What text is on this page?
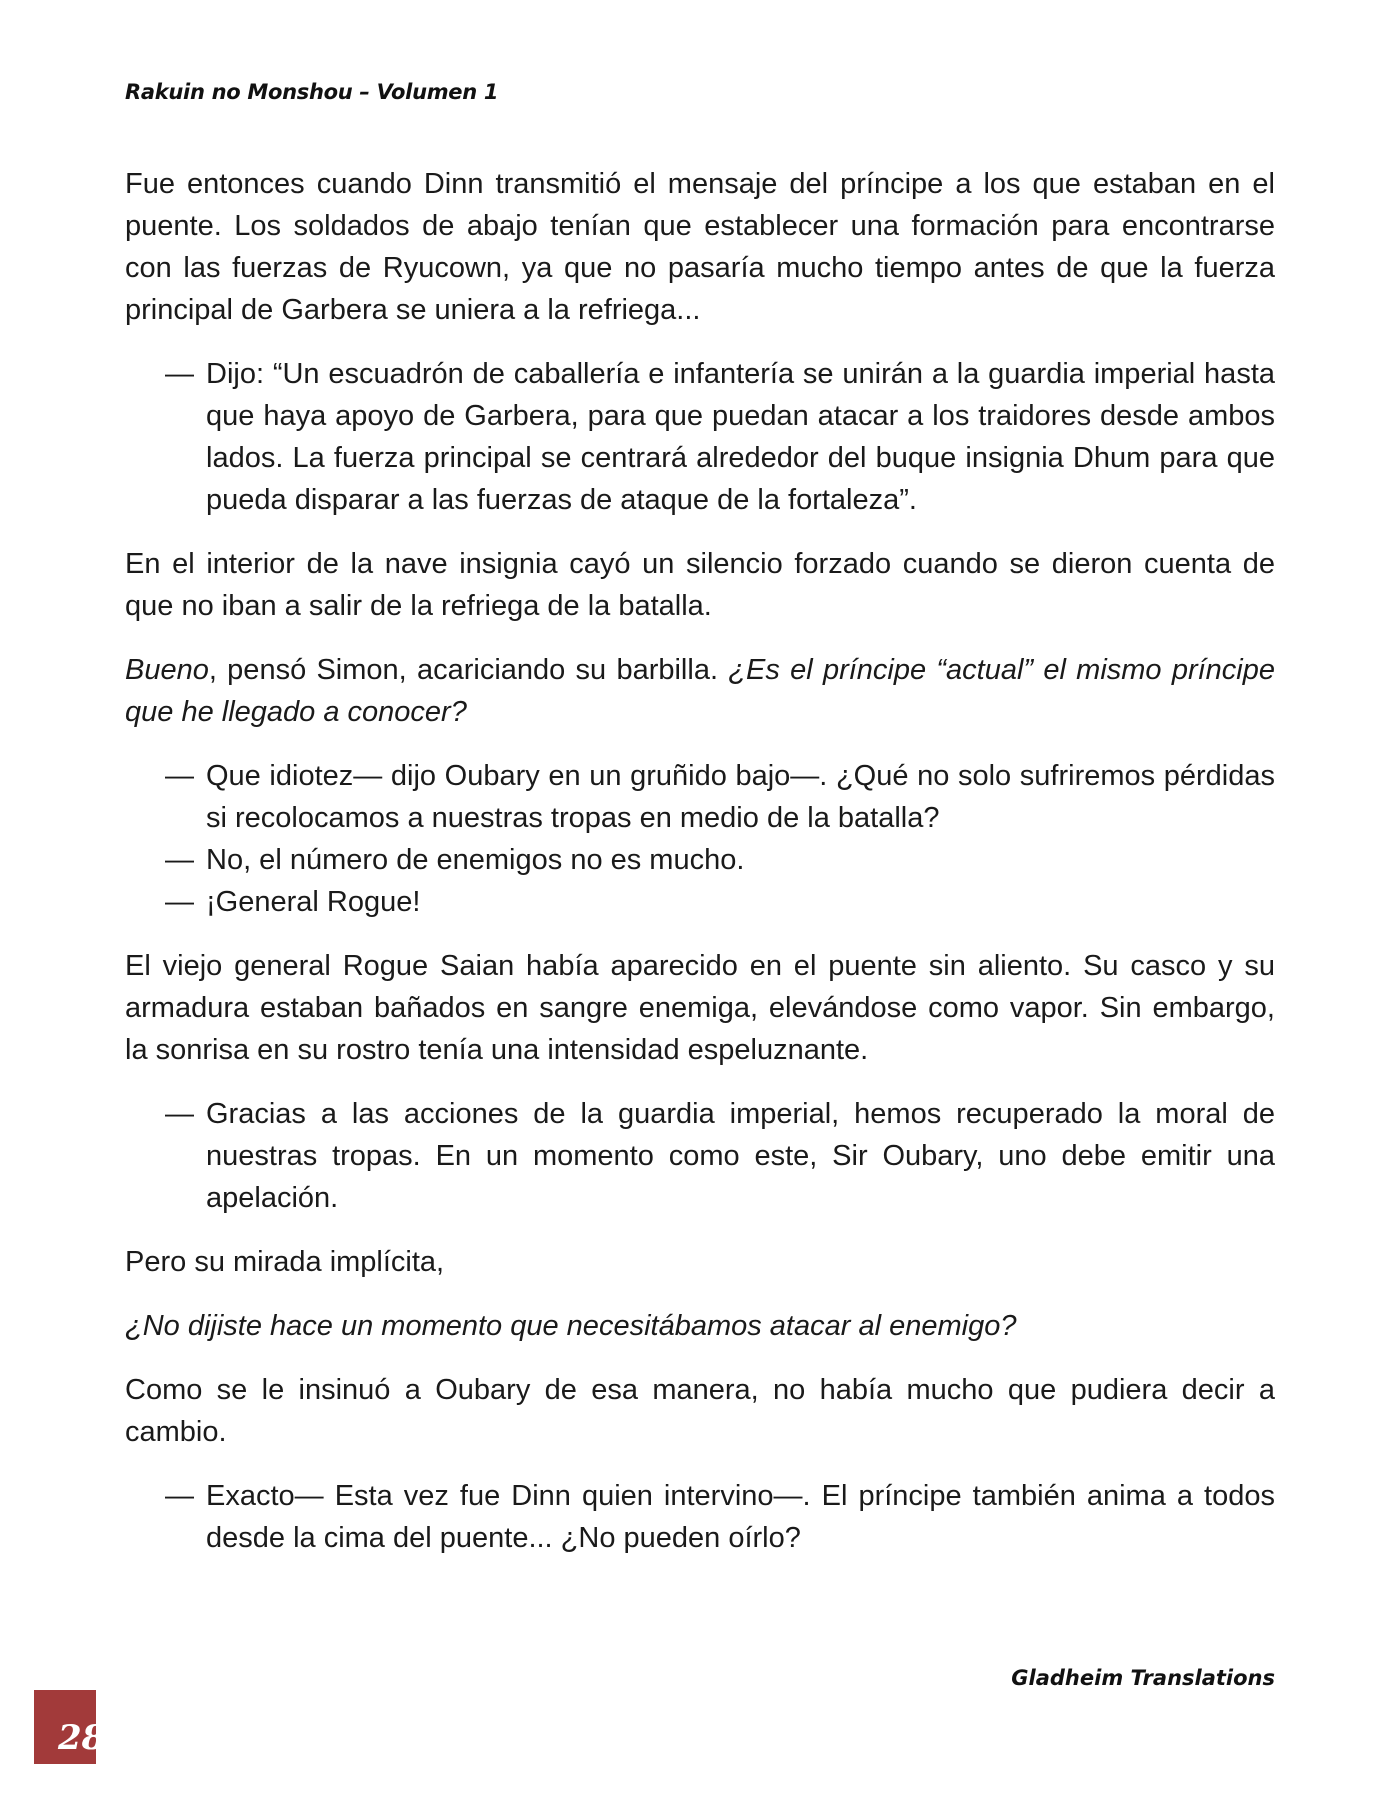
Rakuin no Monshou – Volumen 1

Fue entonces cuando Dinn transmitió el mensaje del príncipe a los que estaban en el puente. Los soldados de abajo tenían que establecer una formación para encontrarse con las fuerzas de Ryucown, ya que no pasaría mucho tiempo antes de que la fuerza principal de Garbera se uniera a la refriega...

— Dijo: “Un escuadrón de caballería e infantería se unirán a la guardia imperial hasta que haya apoyo de Garbera, para que puedan atacar a los traidores desde ambos lados. La fuerza principal se centrará alrededor del buque insignia Dhum para que pueda disparar a las fuerzas de ataque de la fortaleza”.

En el interior de la nave insignia cayó un silencio forzado cuando se dieron cuenta de que no iban a salir de la refriega de la batalla.

Bueno, pensó Simon, acariciando su barbilla. ¿Es el príncipe “actual” el mismo príncipe que he llegado a conocer?

— Que idiotez— dijo Oubary en un gruñido bajo—. ¿Qué no solo sufriremos pérdidas si recolocamos a nuestras tropas en medio de la batalla?
— No, el número de enemigos no es mucho.
— ¡General Rogue!

El viejo general Rogue Saian había aparecido en el puente sin aliento. Su casco y su armadura estaban bañados en sangre enemiga, elevándose como vapor. Sin embargo, la sonrisa en su rostro tenía una intensidad espeluznante.

— Gracias a las acciones de la guardia imperial, hemos recuperado la moral de nuestras tropas. En un momento como este, Sir Oubary, uno debe emitir una apelación.

Pero su mirada implícita,

¿No dijiste hace un momento que necesitábamos atacar al enemigo?

Como se le insinuó a Oubary de esa manera, no había mucho que pudiera decir a cambio.

— Exacto— Esta vez fue Dinn quien intervino—. El príncipe también anima a todos desde la cima del puente... ¿No pueden oírlo?
Gladheim Translations
28
